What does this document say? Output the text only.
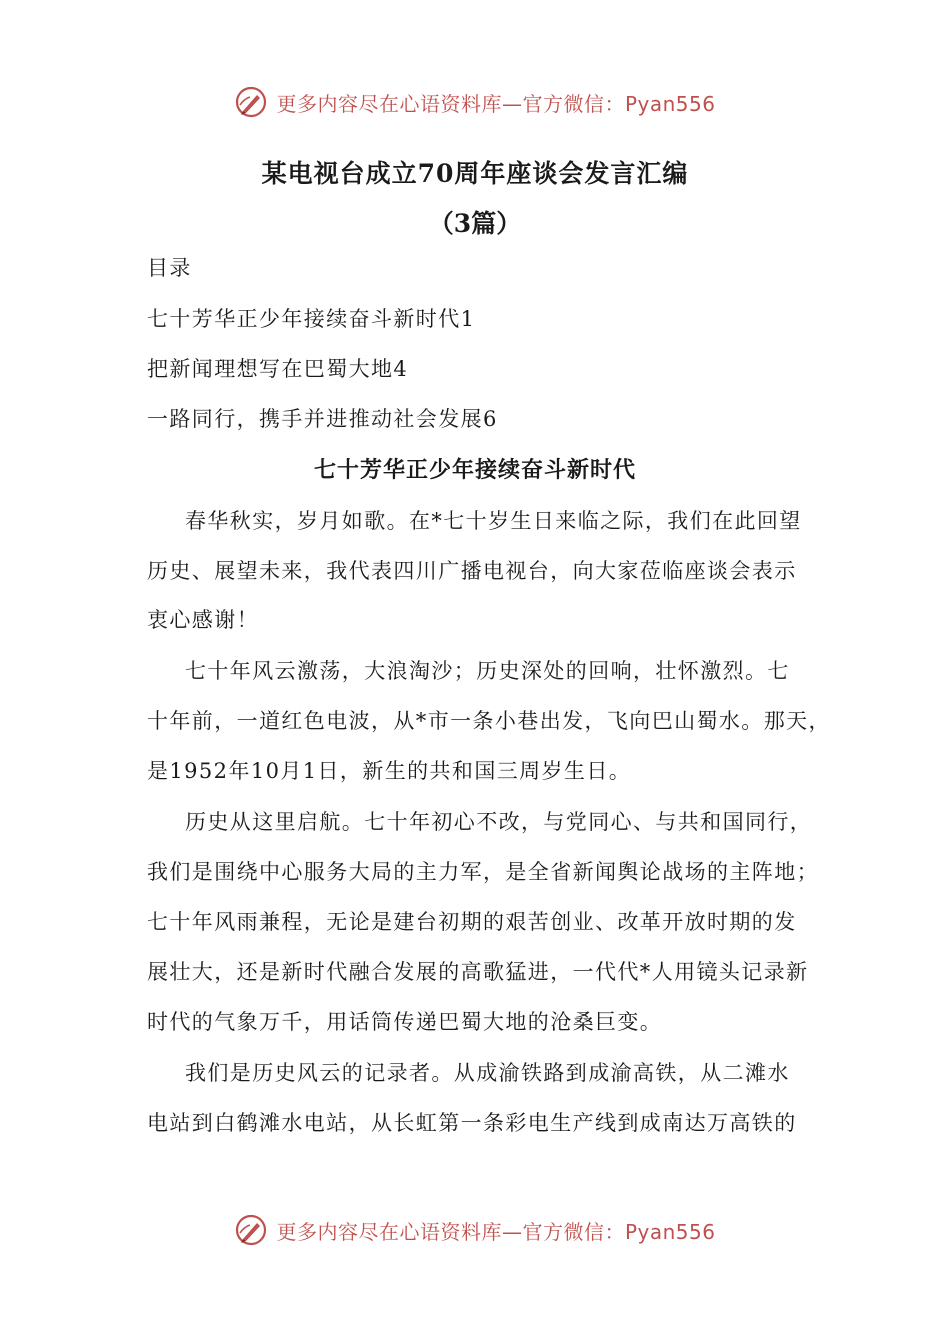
更多内容尽在心语资料库—官方微信：Pyan556
某电视台成立70周年座谈会发言汇编
（3篇）
目录
七十芳华正少年接续奋斗新时代1
把新闻理想写在巴蜀大地4
一路同行，携手并进推动社会发展6
七十芳华正少年接续奋斗新时代
春华秋实，岁月如歌。在*七十岁生日来临之际，我们在此回望
历史、展望未来，我代表四川广播电视台，向大家莅临座谈会表示
衷心感谢！
七十年风云激荡，大浪淘沙；历史深处的回响，壮怀激烈。七
十年前，一道红色电波，从*市一条小巷出发，飞向巴山蜀水。那天，
是1952年10月1日，新生的共和国三周岁生日。
历史从这里启航。七十年初心不改，与党同心、与共和国同行，
我们是围绕中心服务大局的主力军，是全省新闻舆论战场的主阵地；
七十年风雨兼程，无论是建台初期的艰苦创业、改革开放时期的发
展壮大，还是新时代融合发展的高歌猛进，一代代*人用镜头记录新
时代的气象万千，用话筒传递巴蜀大地的沧桑巨变。
我们是历史风云的记录者。从成渝铁路到成渝高铁，从二滩水
电站到白鹤滩水电站，从长虹第一条彩电生产线到成南达万高铁的
更多内容尽在心语资料库—官方微信：Pyan556
